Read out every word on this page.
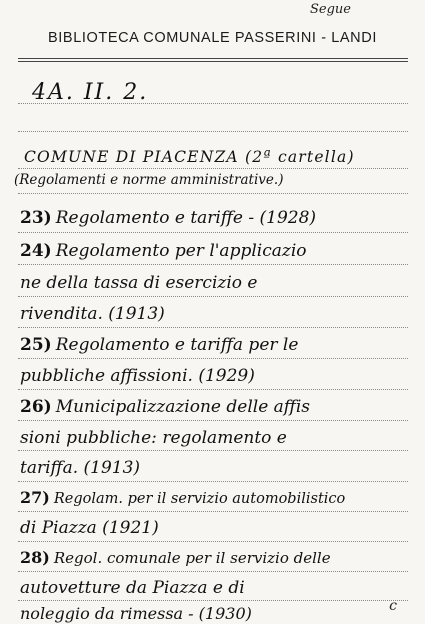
Segue
BIBLIOTECA COMUNALE PASSERINI - LANDI
4A. II. 2.
COMUNE DI PIACENZA (2ª cartella)
(Regolamenti e norme amministrative.)
23) Regolamento e tariffe - (1928)
24) Regolamento per l'applicazio
ne della tassa di esercizio e
rivendita. (1913)
25) Regolamento e tariffa per le
pubbliche affissioni. (1929)
26) Municipalizzazione delle affis
sioni pubbliche: regolamento e
tariffa. (1913)
27) Regolam. per il servizio automobilistico
di Piazza (1921)
28) Regol. comunale per il servizio delle
autovetture da Piazza e di
noleggio da rimessa - (1930)	c
